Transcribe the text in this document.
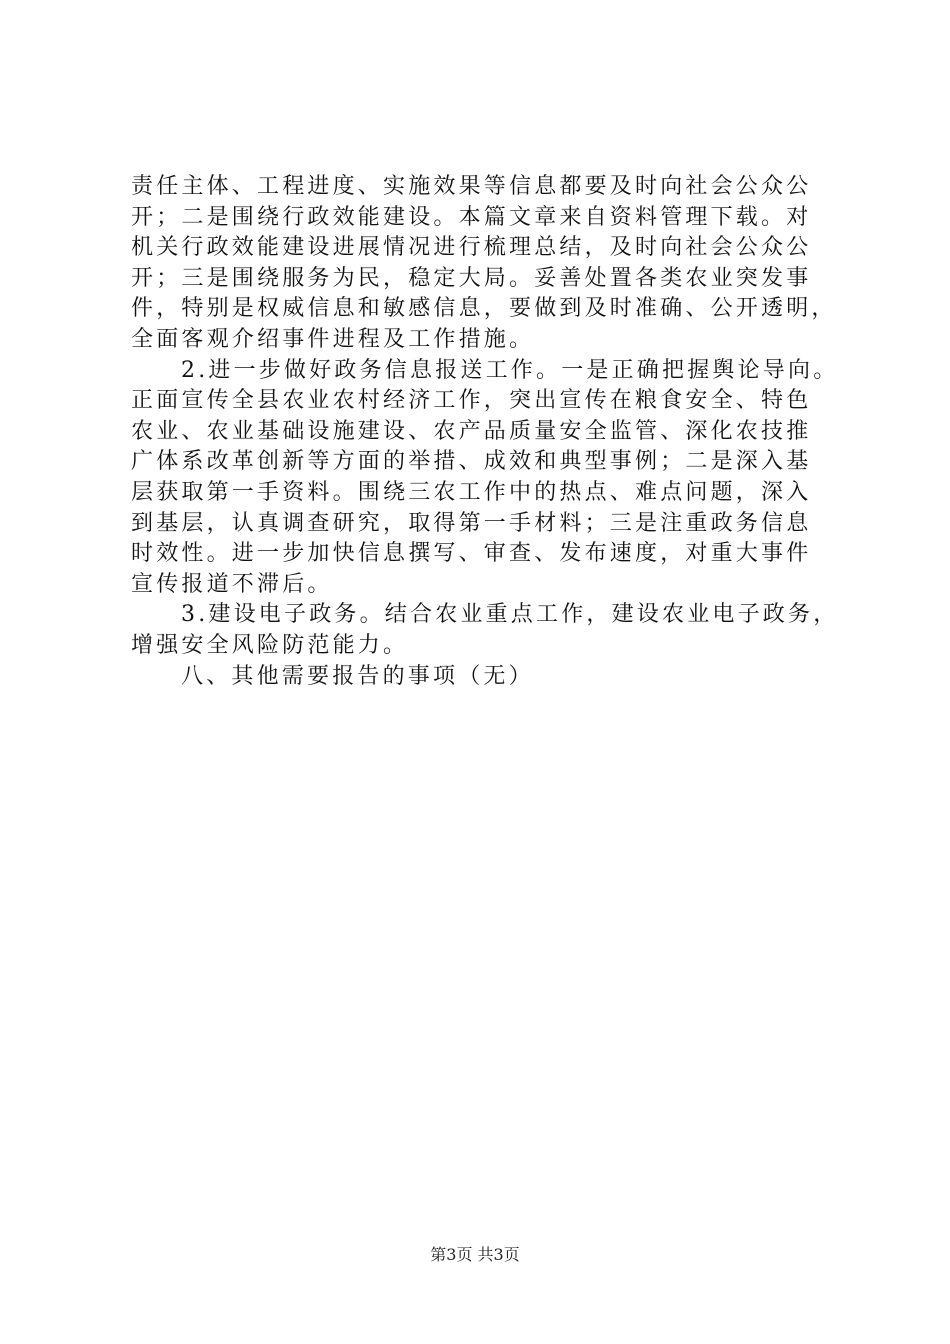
责任主体、工程进度、实施效果等信息都要及时向社会公众公
开；二是围绕行政效能建设。本篇文章来自资料管理下载。对
机关行政效能建设进展情况进行梳理总结，及时向社会公众公
开；三是围绕服务为民，稳定大局。妥善处置各类农业突发事
件，特别是权威信息和敏感信息，要做到及时准确、公开透明，
全面客观介绍事件进程及工作措施。
2.进一步做好政务信息报送工作。一是正确把握舆论导向。
正面宣传全县农业农村经济工作，突出宣传在粮食安全、特色
农业、农业基础设施建设、农产品质量安全监管、深化农技推
广体系改革创新等方面的举措、成效和典型事例；二是深入基
层获取第一手资料。围绕三农工作中的热点、难点问题，深入
到基层，认真调查研究，取得第一手材料；三是注重政务信息
时效性。进一步加快信息撰写、审查、发布速度，对重大事件
宣传报道不滞后。
3.建设电子政务。结合农业重点工作，建设农业电子政务，
增强安全风险防范能力。
八、其他需要报告的事项（无）
第3页 共3页
